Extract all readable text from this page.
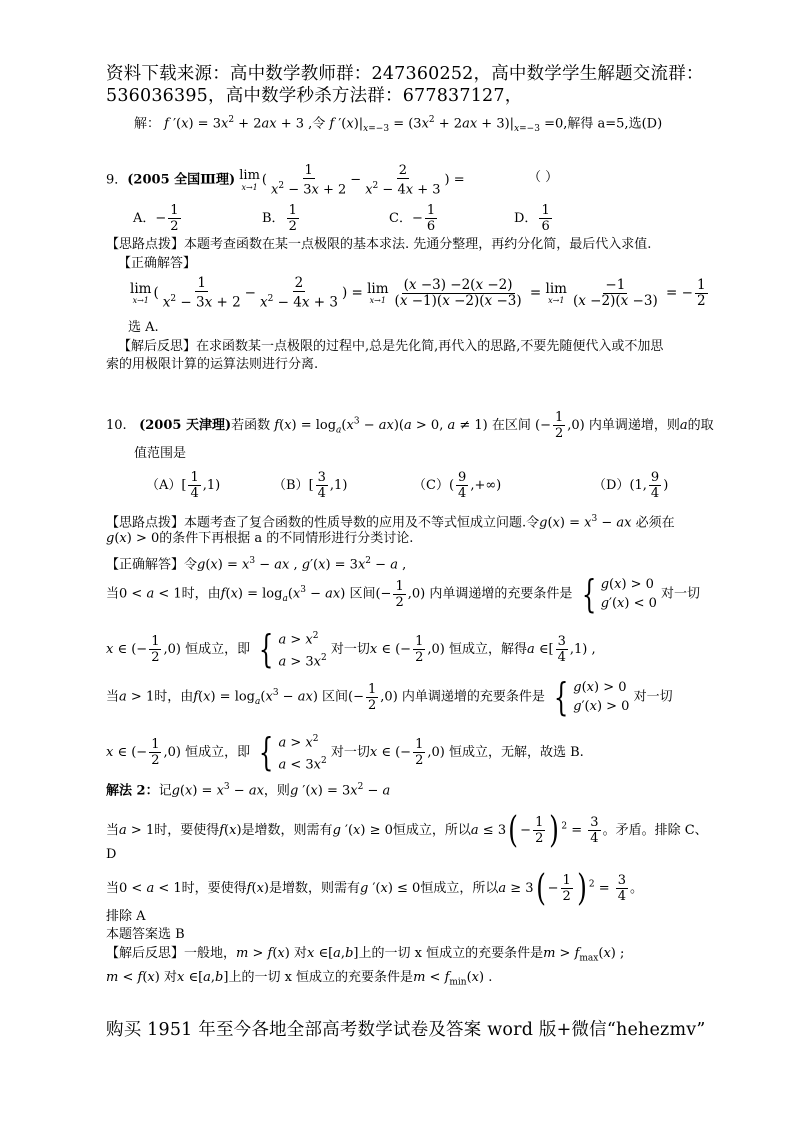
资料下载来源：高中数学教师群：247360252，高中数学学生解题交流群：
536036395，高中数学秒杀方法群：677837127，
解： f $'(x) = 3x^2 + 2ax + 3$ ,令 f $'(x)|_{x=-3} = (3x^2 + 2ax + 3)|_{x=-3} =0$,解得 a=5,选(D)
9．(2005 全国Ⅲ理) lim
x→1 ( $\frac{1}{x^2 - 3x + 2} - \frac{2}{x^2 - 4x + 3}$ ) =	（ ）
A．− $\frac{1}{2}$	B． $\frac{1}{2}$	C．− $\frac{1}{6}$	D． $\frac{1}{6}$
【思路点拨】本题考查函数在某一点极限的基本求法. 先通分整理，再约分化简，最后代入求值.
【正确解答】
lim
x→1 ( $\frac{1}{x^2 - 3x + 2} - \frac{2}{x^2 - 4x + 3}$ ) = lim
$x\to 1 \frac{(x -3) -2(x -2)}{(x -1)(x -2)(x -3)} = \lim$
$x\to 1 \frac{-1}{(x -2)(x -3)}$ = − $\frac{1}{2}$
选 A.
【解后反思】在求函数某一点极限的过程中,总是先化简,再代入的思路,不要先随便代入或不加思
索的用极限计算的运算法则进行分离.
10. (2005 天津理)若函数 $f(x) = \log_a(x^3 - ax)(a > 0$, a ≠ 1) 在区间 (− $\frac{1}{2} ,0$) 内单调递增，则a的取
值范围是
$(A)[ \frac{1}{4} ,1)$	$(B)[ \frac{3}{4} ,1)$	$(C)( \frac{9}{4}$ ,+∞)	（D）(1, $\frac{9}{4}$ )
【思路点拨】本题考查了复合函数的性质导数的应用及不等式恒成立问题.令$g(x) = x^3$ − ax 必须在
g(x) > 0的条件下再根据 a 的不同情形进行分类讨论.
【正确解答】令$g(x) = x^3$ − ax , $g'(x) = 3x^2 - a$ ,
当0 < a < 1时，由$f(x) = \log_a(x^3 - ax)$ 区间(− $\frac{1}{2} ,0$) 内单调递增的充要条件是 { g(x) > 0
g′(x) < 0
对一切
x ∈ (− $\frac{1}{2} ,0$) 恒成立，即 { $a > x^2$
$a > 3x^2$
对一切x ∈ (− $\frac{1}{2} ,0$) 恒成立，解得a ∈[ $\frac{3}{4} ,1$) ,
当a > 1时，由$f(x) = \log_a(x^3 - ax)$ 区间(− $\frac{1}{2} ,0$) 内单调递增的充要条件是 { g(x) > 0
g′(x) > 0
对一切
x ∈ (− $\frac{1}{2} ,0$) 恒成立，即 { $a > x^2$
$a < 3x^2$
对一切x ∈ (− $\frac{1}{2} ,0$) 恒成立，无解，故选 B.
解法 2：记$g(x) = x^3$ − ax，则g $'(x) = 3x^2 - a$
当a > 1时，要使得f(x)是增数，则需有g ′(x) ≥ 0恒成立，所以$a \le 3( - \frac{1}{2}$ ) $^2 = \frac{3}{4}$ 。矛盾。排除 C、
D
当0 < a < 1时，要使得f(x)是增数，则需有g ′(x) ≤ 0恒成立，所以$a \ge 3( - \frac{1}{2}$ ) $^2 = \frac{3}{4}$ 。
排除 A
本题答案选 B
【解后反思】一般地，m > f(x) 对x ∈[a,b]上的一切 x 恒成立的充要条件是$m > f_{max}(x)$ ;
m < f(x) 对x ∈[a,b]上的一切 x 恒成立的充要条件是$m < f_{min}(x)$ .
购买 1951 年至今各地全部高考数学试卷及答案 word 版+微信“hehezmv”
